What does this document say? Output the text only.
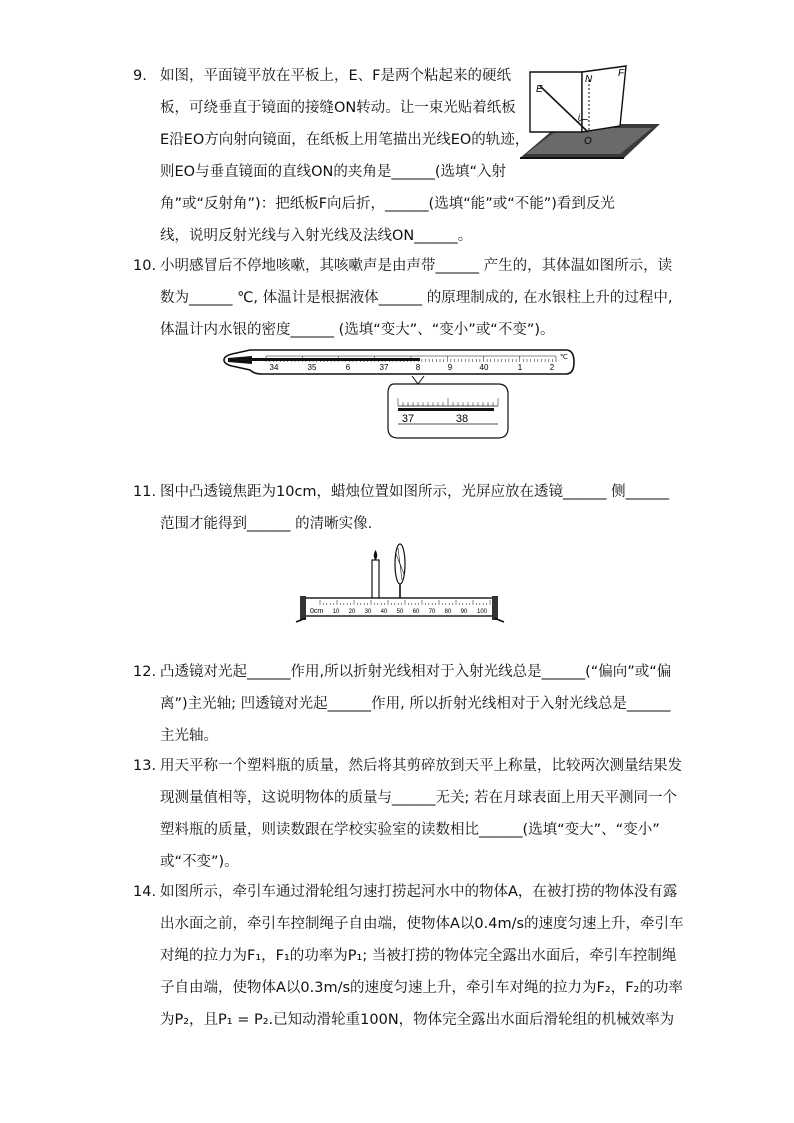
9. 如图，平面镜平放在平板上，E、F是两个粘起来的硬纸
板，可绕垂直于镜面的接缝ON转动。让一束光贴着纸板
E沿EO方向射向镜面，在纸板上用笔描出光线EO的轨迹，
则EO与垂直镜面的直线ON的夹角是______(选填“入射
角”或“反射角”)：把纸板F向后折，______(选填“能”或“不能”)看到反光
线，说明反射光线与入射光线及法线ON______。
N
E
F
i
O
10. 小明感冒后不停地咳嗽，其咳嗽声是由声带______ 产生的，其体温如图所示，读
数为______ ℃, 体温计是根据液体______ 的原理制成的, 在水银柱上升的过程中,
体温计内水银的密度______ (选填“变大”、“变小”或“不变”)。
34	35	6	37	8	9	40	1	2
℃
37	38
11. 图中凸透镜焦距为10cm，蜡烛位置如图所示，光屏应放在透镜______ 侧______
范围才能得到______ 的清晰实像.
0cm 10 20 30 40 50 60 70 80 90 100
12. 凸透镜对光起______作用,所以折射光线相对于入射光线总是______(“偏向”或“偏
离”)主光轴; 凹透镜对光起______作用, 所以折射光线相对于入射光线总是______
主光轴。
13. 用天平称一个塑料瓶的质量，然后将其剪碎放到天平上称量，比较两次测量结果发
现测量值相等，这说明物体的质量与______无关; 若在月球表面上用天平测同一个
塑料瓶的质量，则读数跟在学校实验室的读数相比______(选填“变大”、“变小”
或“不变”)。
14. 如图所示，牵引车通过滑轮组匀速打捞起河水中的物体A，在被打捞的物体没有露
出水面之前，牵引车控制绳子自由端，使物体A以0.4m/s的速度匀速上升，牵引车
对绳的拉力为F₁，F₁的功率为P₁; 当被打捞的物体完全露出水面后，牵引车控制绳
子自由端，使物体A以0.3m/s的速度匀速上升，牵引车对绳的拉力为F₂，F₂的功率
为P₂，且P₁ = P₂.已知动滑轮重100N，物体完全露出水面后滑轮组的机械效率为
